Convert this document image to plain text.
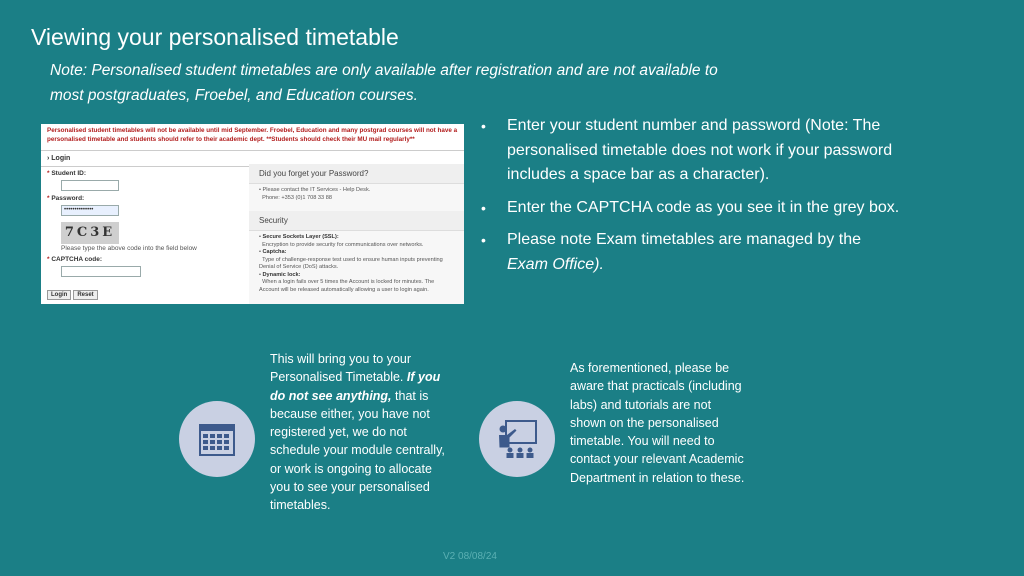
Viewing your personalised timetable
Note: Personalised student timetables are only available after registration and are not available to most postgraduates, Froebel, and Education courses.
Personalised student timetables will not be available until mid September. Froebel, Education and many postgrad courses will not have a personalised timetable and students should refer to their academic dept. **Students should check their MU mail regularly**
› Login
* Student ID:
* Password:
••••••••••••••
7C3E
Please type the above code into the field below
* CAPTCHA code:
Login Reset
Did you forget your Password?
• Please contact the IT Services - Help Desk.
Phone: +353 (0)1 708 33 88
Security
• Secure Sockets Layer (SSL):
Encryption to provide security for communications over networks.
• Captcha:
Type of challenge-response test used to ensure human inputs preventing Denial of Service (DoS) attacks.
• Dynamic lock:
When a login fails over 5 times the Account is locked for minutes. The Account will be released automatically allowing a user to login again.
• Enter your student number and password (Note: The personalised timetable does not work if your password includes a space bar as a character).
• Enter the CAPTCHA code as you see it in the grey box.
• Please note Exam timetables are managed by the Exam Office).
This will bring you to your Personalised Timetable. If you do not see anything, that is because either, you have not registered yet, we do not schedule your module centrally, or work is ongoing to allocate you to see your personalised timetables.
As forementioned, please be aware that practicals (including labs) and tutorials are not shown on the personalised timetable. You will need to contact your relevant Academic Department in relation to these.
V2 08/08/24
